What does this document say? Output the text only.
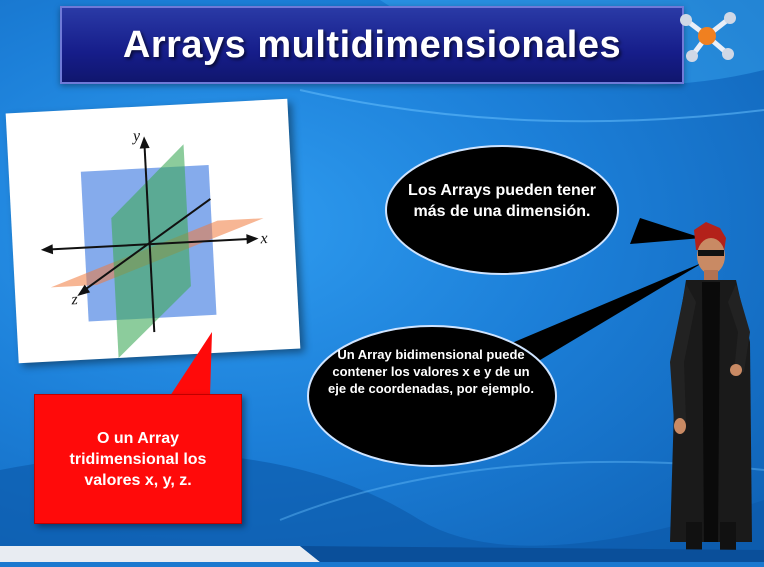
Arrays multidimensionales
y
x
z
O un Array tridimensional los valores x, y, z.
Los Arrays pueden tener más de una dimensión.
Un Array bidimensional puede contener los valores x e y de un eje de coordenadas, por ejemplo.
